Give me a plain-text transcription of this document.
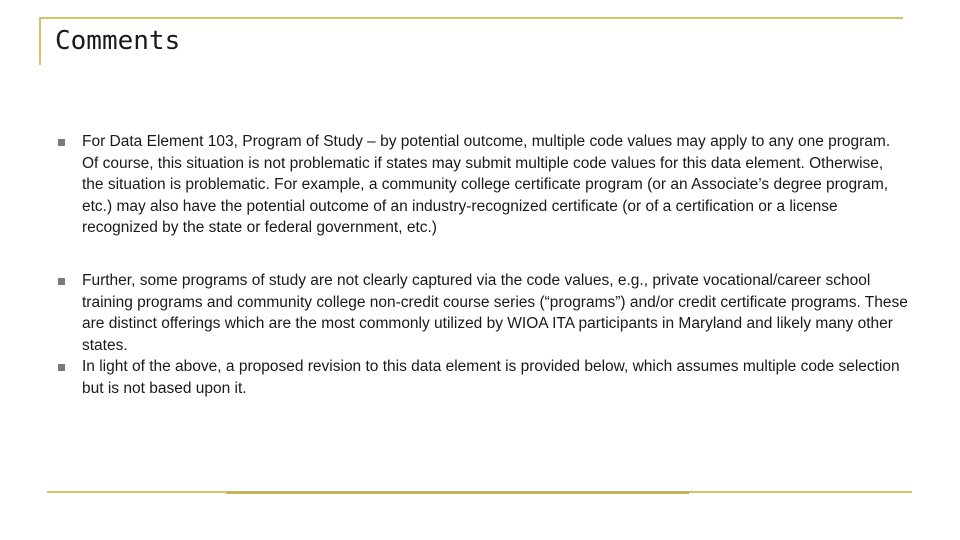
Comments
For Data Element 103, Program of Study – by potential outcome, multiple code values may apply to any one program. Of course, this situation is not problematic if states may submit multiple code values for this data element. Otherwise, the situation is problematic. For example, a community college certificate program (or an Associate’s degree program, etc.) may also have the potential outcome of an industry-recognized certificate (or of a certification or a license recognized by the state or federal government, etc.)
Further, some programs of study are not clearly captured via the code values, e.g., private vocational/career school training programs and community college non-credit course series (“programs”) and/or credit certificate programs. These are distinct offerings which are the most commonly utilized by WIOA ITA participants in Maryland and likely many other states.
In light of the above, a proposed revision to this data element is provided below, which assumes multiple code selection but is not based upon it.
